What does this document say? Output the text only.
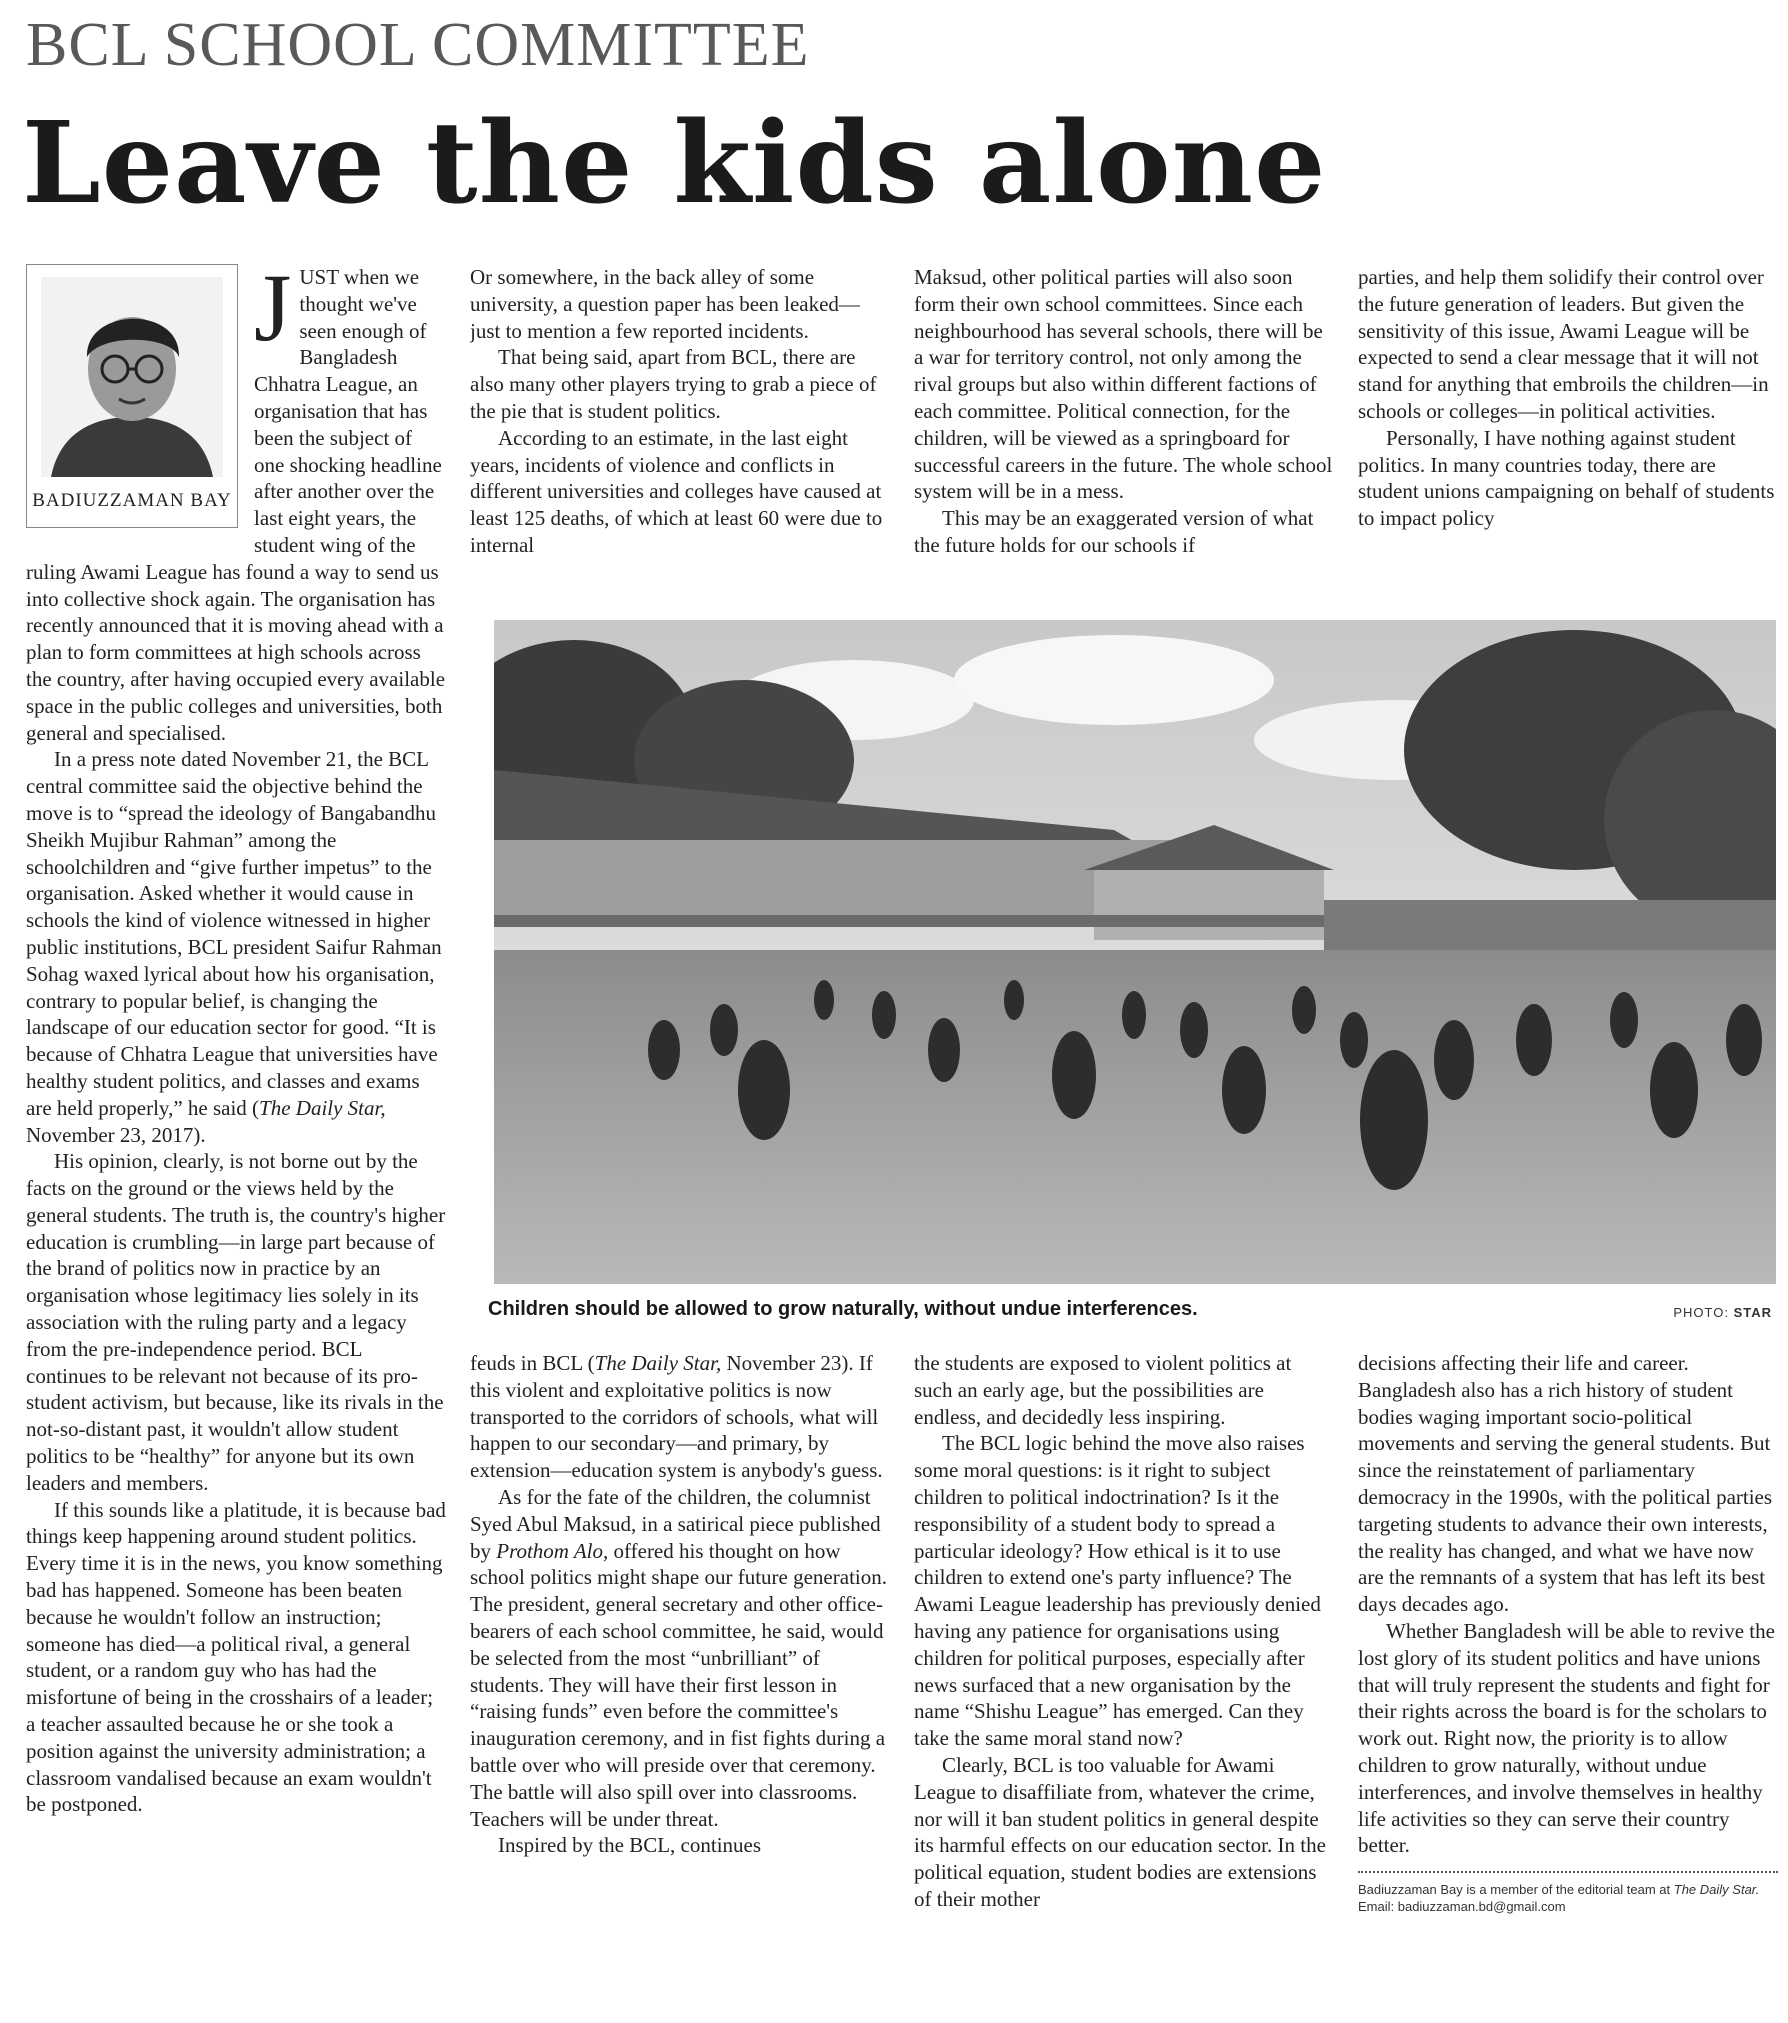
BCL SCHOOL COMMITTEE
Leave the kids alone
BADIUZZAMAN BAY
J UST when we thought we've seen enough of Bangladesh Chhatra League, an organisation that has been the subject of one shocking headline after another over the last eight years, the student wing of the ruling Awami League has found a way to send us into collective shock again. The organisation has recently announced that it is moving ahead with a plan to form committees at high schools across the country, after having occupied every available space in the public colleges and universities, both general and specialised.

In a press note dated November 21, the BCL central committee said the objective behind the move is to “spread the ideology of Bangabandhu Sheikh Mujibur Rahman” among the schoolchildren and “give further impetus” to the organisation. Asked whether it would cause in schools the kind of violence witnessed in higher public institutions, BCL president Saifur Rahman Sohag waxed lyrical about how his organisation, contrary to popular belief, is changing the landscape of our education sector for good. “It is because of Chhatra League that universities have healthy student politics, and classes and exams are held properly,” he said (The Daily Star, November 23, 2017).

His opinion, clearly, is not borne out by the facts on the ground or the views held by the general students. The truth is, the country's higher education is crumbling—in large part because of the brand of politics now in practice by an organisation whose legitimacy lies solely in its association with the ruling party and a legacy from the pre-independence period. BCL continues to be relevant not because of its pro-student activism, but because, like its rivals in the not-so-distant past, it wouldn't allow student politics to be “healthy” for anyone but its own leaders and members.

If this sounds like a platitude, it is because bad things keep happening around student politics. Every time it is in the news, you know something bad has happened. Someone has been beaten because he wouldn't follow an instruction; someone has died—a political rival, a general student, or a random guy who has had the misfortune of being in the crosshairs of a leader; a teacher assaulted because he or she took a position against the university administration; a classroom vandalised because an exam wouldn't be postponed.

Or somewhere, in the back alley of some university, a question paper has been leaked—just to mention a few reported incidents.

That being said, apart from BCL, there are also many other players trying to grab a piece of the pie that is student politics.

According to an estimate, in the last eight years, incidents of violence and conflicts in different universities and colleges have caused at least 125 deaths, of which at least 60 were due to internal

Maksud, other political parties will also soon form their own school committees. Since each neighbourhood has several schools, there will be a war for territory control, not only among the rival groups but also within different factions of each committee. Political connection, for the children, will be viewed as a springboard for successful careers in the future. The whole school system will be in a mess.

This may be an exaggerated version of what the future holds for our schools if

parties, and help them solidify their control over the future generation of leaders. But given the sensitivity of this issue, Awami League will be expected to send a clear message that it will not stand for anything that embroils the children—in schools or colleges—in political activities.

Personally, I have nothing against student politics. In many countries today, there are student unions campaigning on behalf of students to impact policy

Children should be allowed to grow naturally, without undue interferences.	PHOTO: STAR

feuds in BCL (The Daily Star, November 23). If this violent and exploitative politics is now transported to the corridors of schools, what will happen to our secondary—and primary, by extension—education system is anybody's guess.

As for the fate of the children, the columnist Syed Abul Maksud, in a satirical piece published by Prothom Alo, offered his thought on how school politics might shape our future generation. The president, general secretary and other office-bearers of each school committee, he said, would be selected from the most “unbrilliant” of students. They will have their first lesson in “raising funds” even before the committee's inauguration ceremony, and in fist fights during a battle over who will preside over that ceremony. The battle will also spill over into classrooms. Teachers will be under threat.

Inspired by the BCL, continues

the students are exposed to violent politics at such an early age, but the possibilities are endless, and decidedly less inspiring.

The BCL logic behind the move also raises some moral questions: is it right to subject children to political indoctrination? Is it the responsibility of a student body to spread a particular ideology? How ethical is it to use children to extend one's party influence? The Awami League leadership has previously denied having any patience for organisations using children for political purposes, especially after news surfaced that a new organisation by the name “Shishu League” has emerged. Can they take the same moral stand now?

Clearly, BCL is too valuable for Awami League to disaffiliate from, whatever the crime, nor will it ban student politics in general despite its harmful effects on our education sector. In the political equation, student bodies are extensions of their mother

decisions affecting their life and career. Bangladesh also has a rich history of student bodies waging important socio-political movements and serving the general students. But since the reinstatement of parliamentary democracy in the 1990s, with the political parties targeting students to advance their own interests, the reality has changed, and what we have now are the remnants of a system that has left its best days decades ago.

Whether Bangladesh will be able to revive the lost glory of its student politics and have unions that will truly represent the students and fight for their rights across the board is for the scholars to work out. Right now, the priority is to allow children to grow naturally, without undue interferences, and involve themselves in healthy life activities so they can serve their country better.

Badiuzzaman Bay is a member of the editorial team at The Daily Star.

Email: badiuzzaman.bd@gmail.com
